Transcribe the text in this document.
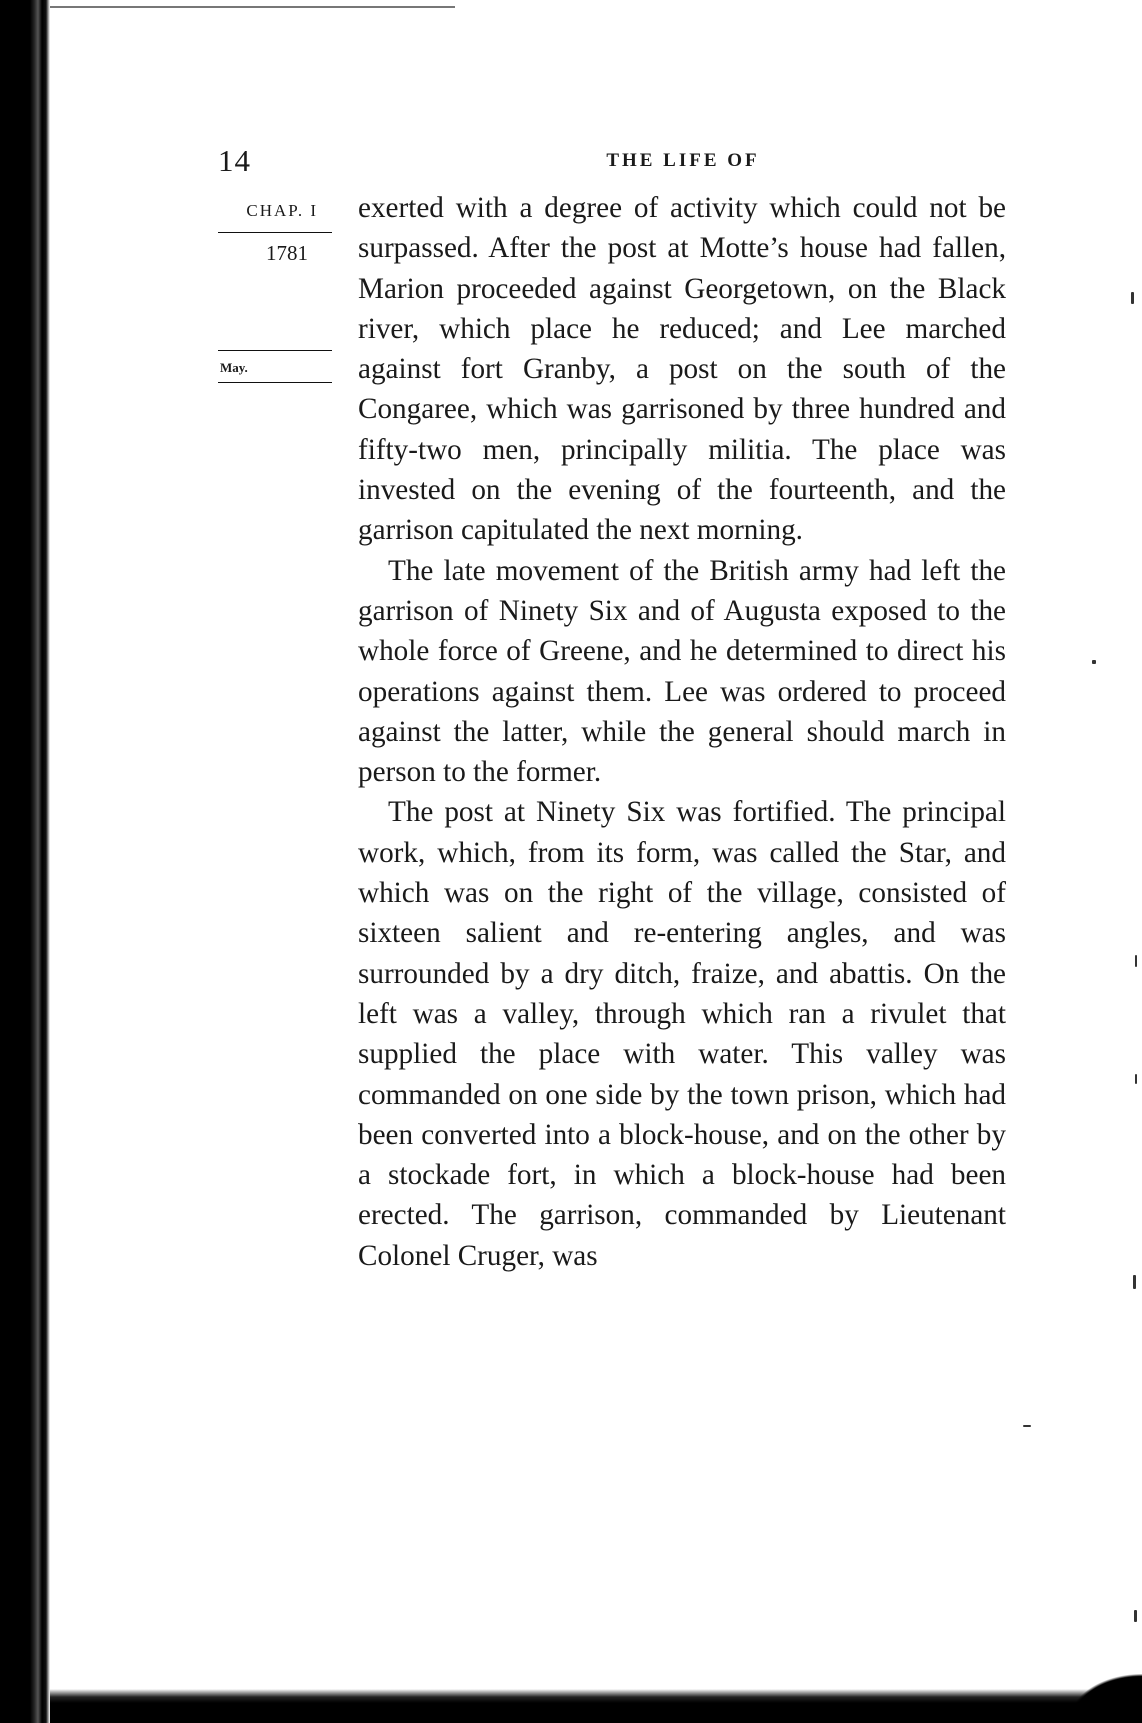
14	THE LIFE OF
CHAP. I
1781
May.

exerted with a degree of activity which could not be surpassed. After the post at Motte’s house had fallen, Marion proceeded against Georgetown, on the Black river, which place he reduced; and Lee marched against fort Granby, a post on the south of the Congaree, which was garrisoned by three hundred and fifty-two men, principally militia. The place was invested on the evening of the fourteenth, and the garrison capitulated the next morning.

The late movement of the British army had left the garrison of Ninety Six and of Augusta exposed to the whole force of Greene, and he determined to direct his operations against them. Lee was ordered to proceed against the latter, while the general should march in person to the former.

The post at Ninety Six was fortified. The principal work, which, from its form, was called the Star, and which was on the right of the village, consisted of sixteen salient and re-entering angles, and was surrounded by a dry ditch, fraize, and abattis. On the left was a valley, through which ran a rivulet that supplied the place with water. This valley was commanded on one side by the town prison, which had been converted into a block-house, and on the other by a stockade fort, in which a block-house had been erected. The garrison, commanded by Lieutenant Colonel Cruger, was
